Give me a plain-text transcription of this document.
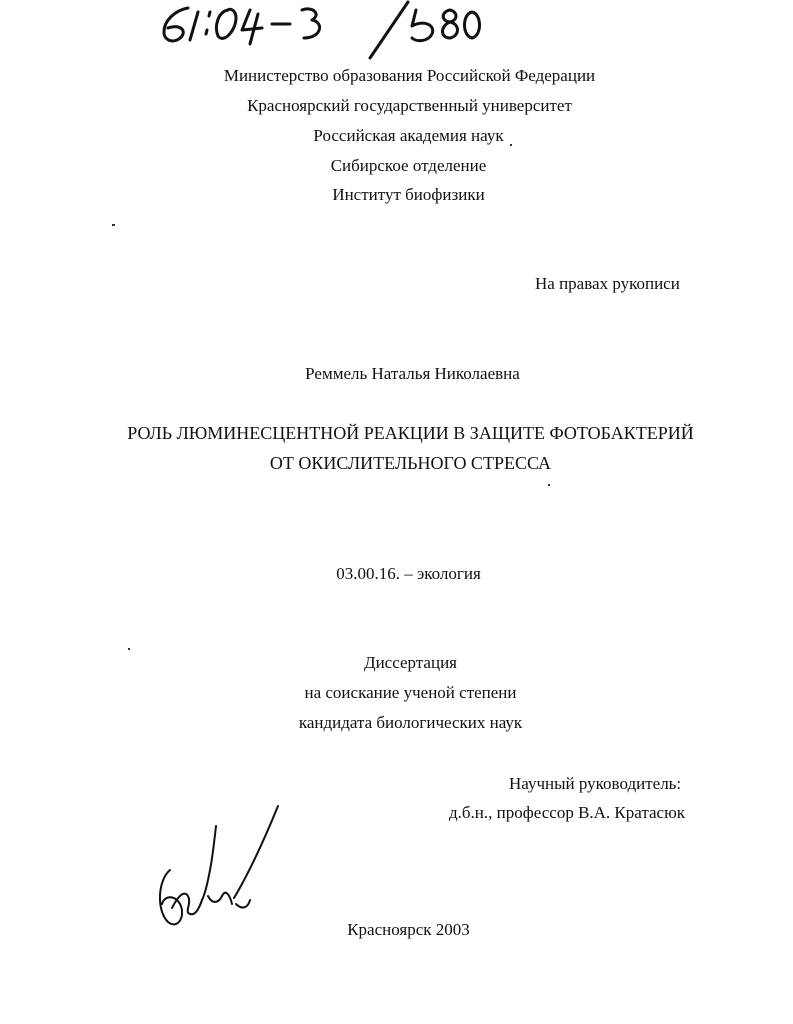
Министерство образования Российской Федерации
Красноярский государственный университет
Российская академия наук
Сибирское отделение
Институт биофизики
На правах рукописи
Реммель Наталья Николаевна
РОЛЬ ЛЮМИНЕСЦЕНТНОЙ РЕАКЦИИ В ЗАЩИТЕ ФОТОБАКТЕРИЙ
ОТ ОКИСЛИТЕЛЬНОГО СТРЕССА
03.00.16. – экология
Диссертация
на соискание ученой степени
кандидата биологических наук
Научный руководитель:
д.б.н., профессор В.А. Кратасюк
Красноярск 2003
